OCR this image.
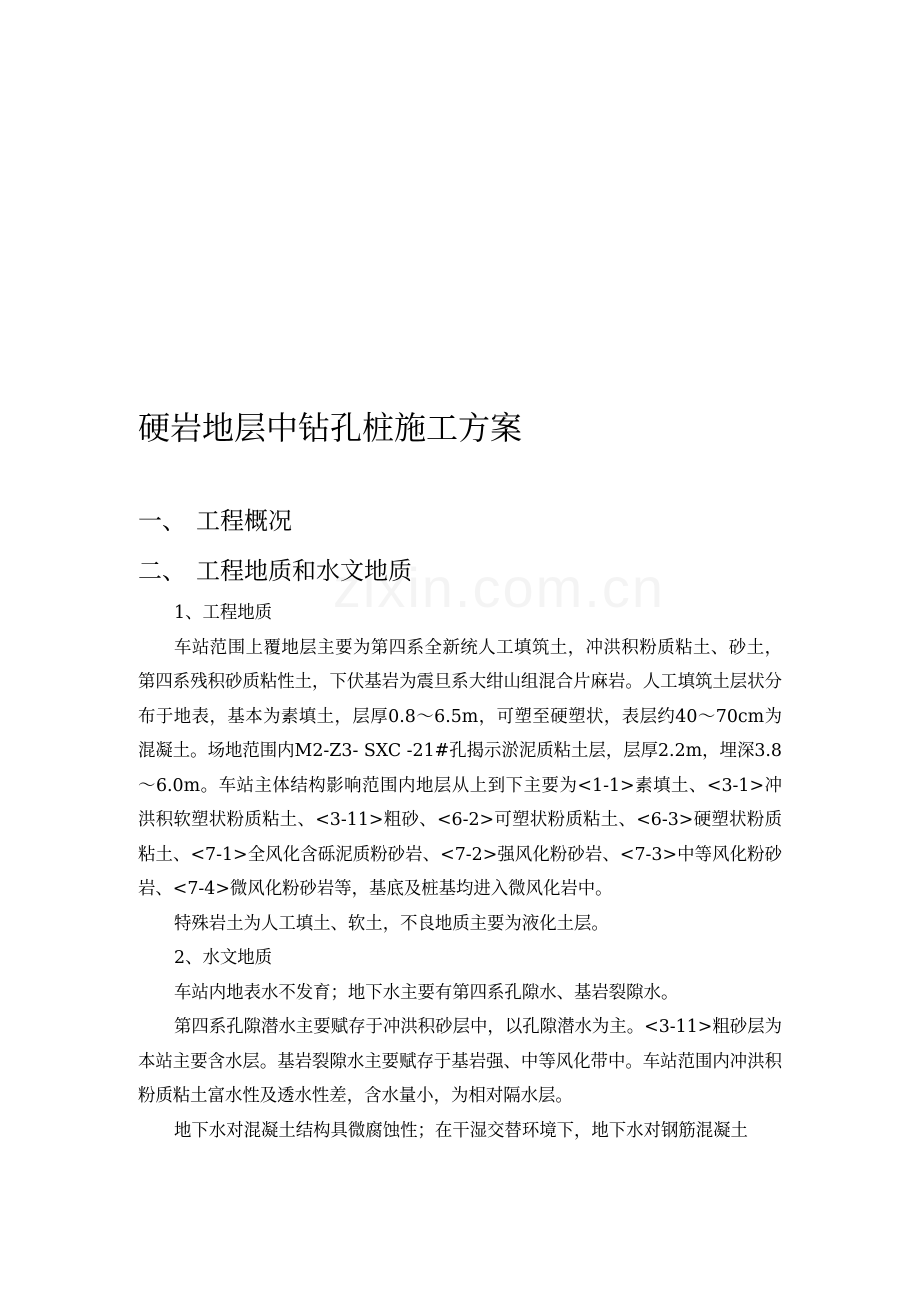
硬岩地层中钻孔桩施工方案
一、 工程概况
二、 工程地质和水文地质

1、工程地质

车站范围上覆地层主要为第四系全新统人工填筑土，冲洪积粉质粘土、砂土，第四系残积砂质粘性土，下伏基岩为震旦系大绀山组混合片麻岩。人工填筑土层状分布于地表，基本为素填土，层厚0.8～6.5m，可塑至硬塑状，表层约40～70cm为混凝土。场地范围内M2-Z3- SXC -21#孔揭示淤泥质粘土层，层厚2.2m，埋深3.8～6.0m。车站主体结构影响范围内地层从上到下主要为<1-1>素填土、<3-1>冲洪积软塑状粉质粘土、<3-11>粗砂、<6-2>可塑状粉质粘土、<6-3>硬塑状粉质粘土、<7-1>全风化含砾泥质粉砂岩、<7-2>强风化粉砂岩、<7-3>中等风化粉砂岩、<7-4>微风化粉砂岩等，基底及桩基均进入微风化岩中。

特殊岩土为人工填土、软土，不良地质主要为液化土层。

2、水文地质

车站内地表水不发育；地下水主要有第四系孔隙水、基岩裂隙水。

第四系孔隙潜水主要赋存于冲洪积砂层中，以孔隙潜水为主。<3-11>粗砂层为本站主要含水层。基岩裂隙水主要赋存于基岩强、中等风化带中。车站范围内冲洪积粉质粘土富水性及透水性差，含水量小，为相对隔水层。

地下水对混凝土结构具微腐蚀性；在干湿交替环境下，地下水对钢筋混凝土
